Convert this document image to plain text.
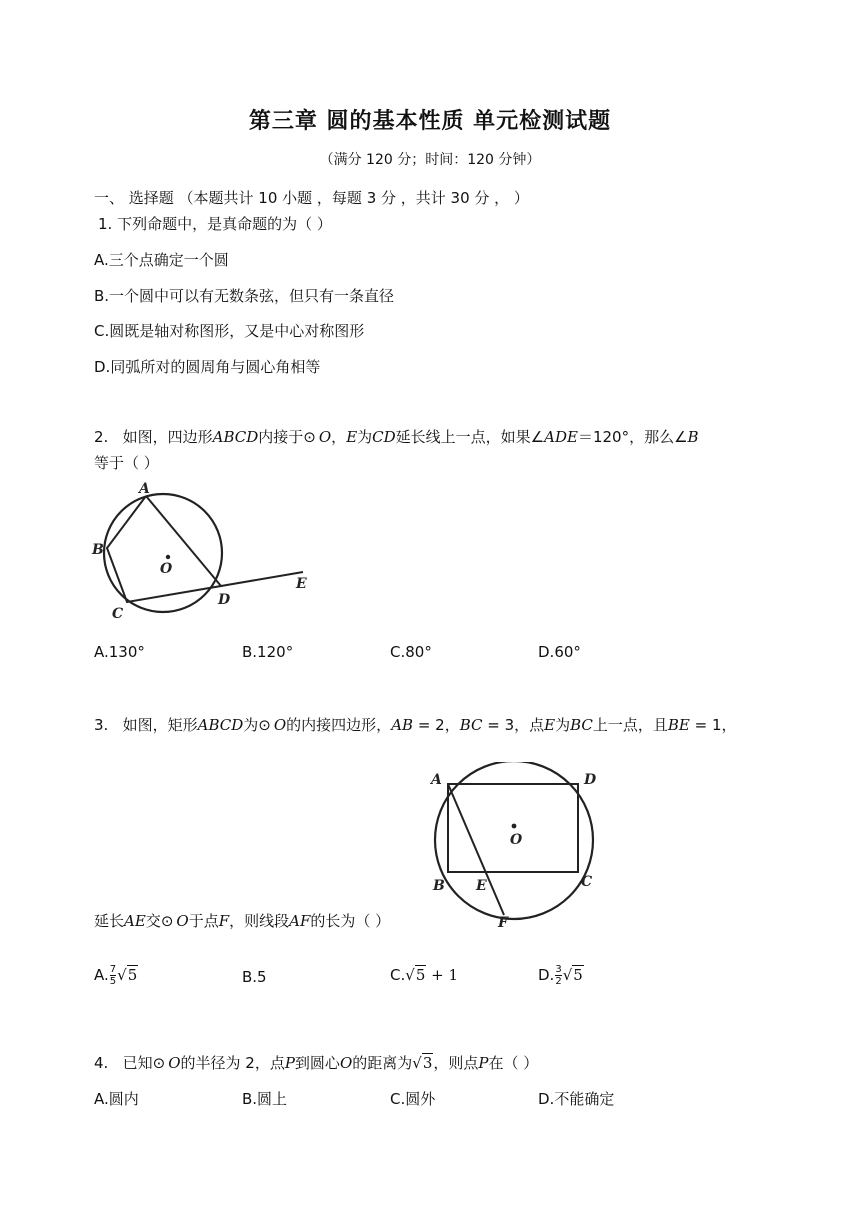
第三章 圆的基本性质 单元检测试题
（满分 120 分；时间：120 分钟）
一、 选择题 （本题共计 10 小题 ，每题 3 分 ，共计 30 分 ， ）
1. 下列命题中，是真命题的为（ ）
A.三个点确定一个圆
B.一个圆中可以有无数条弦，但只有一条直径
C.圆既是轴对称图形，又是中心对称图形
D.同弧所对的圆周角与圆心角相等
2. 如图，四边形ABCD内接于⊙  O，E为CD延长线上一点，如果∠ADE＝120°，那么∠B
等于（ ）
A
B
C
D
E
O
A.130°	B.120°	C.80°	D.60°
3. 如图，矩形ABCD为⊙  O的内接四边形，AB = 2，BC = 3，点E为BC上一点，且BE = 1，
A	D
B E	C
F
O
延长AE交⊙  O于点F，则线段AF的长为（ ）
A. $\frac{7}{5} √5$	B.5	C.√5 + 1	D. $\frac{3}{2} √5$
4. 已知⊙  O的半径为 2，点P到圆心O的距离为√3，则点P在（ ）
A.圆内	B.圆上	C.圆外	D.不能确定
